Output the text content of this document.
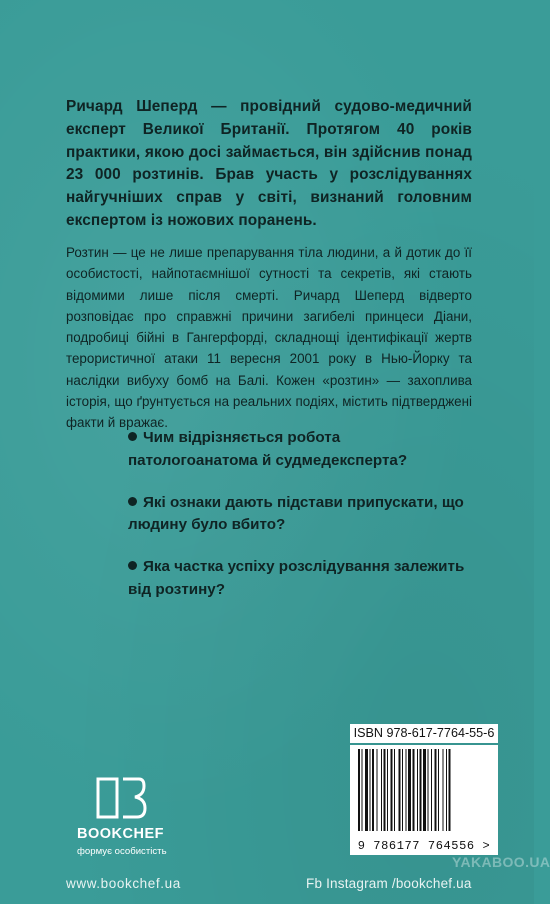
Ричард Шеперд — провідний судово-медичний експерт Великої Британії. Протягом 40 років практики, якою досі займається, він здійснив понад 23 000 розтинів. Брав участь у розслідуваннях найгучніших справ у світі, визнаний головним експертом із ножових поранень.
Розтин — це не лише препарування тіла людини, а й дотик до її особистості, найпотаємнішої сутності та секретів, які стають відомими лише після смерті. Ричард Шеперд відверто розповідає про справжні причини загибелі принцеси Діани, подробиці бійні в Гангерфорді, складнощі ідентифікації жертв терористичної атаки 11 вересня 2001 року в Нью-Йорку та наслідки вибуху бомб на Балі. Кожен «розтин» — захоплива історія, що ґрунтується на реальних подіях, містить підтверджені факти й вражає.
Чим відрізняється робота патологоанатома й судмедексперта?
Які ознаки дають підстави припускати, що людину було вбито?
Яка частка успіху розслідування залежить від розтину?
ISBN 978-617-7764-55-6
9 786177 764556 >
BOOKCHEF
формує особистість
www.bookchef.ua	Fb Instagram /bookchef.ua
YAKABOO.UA
